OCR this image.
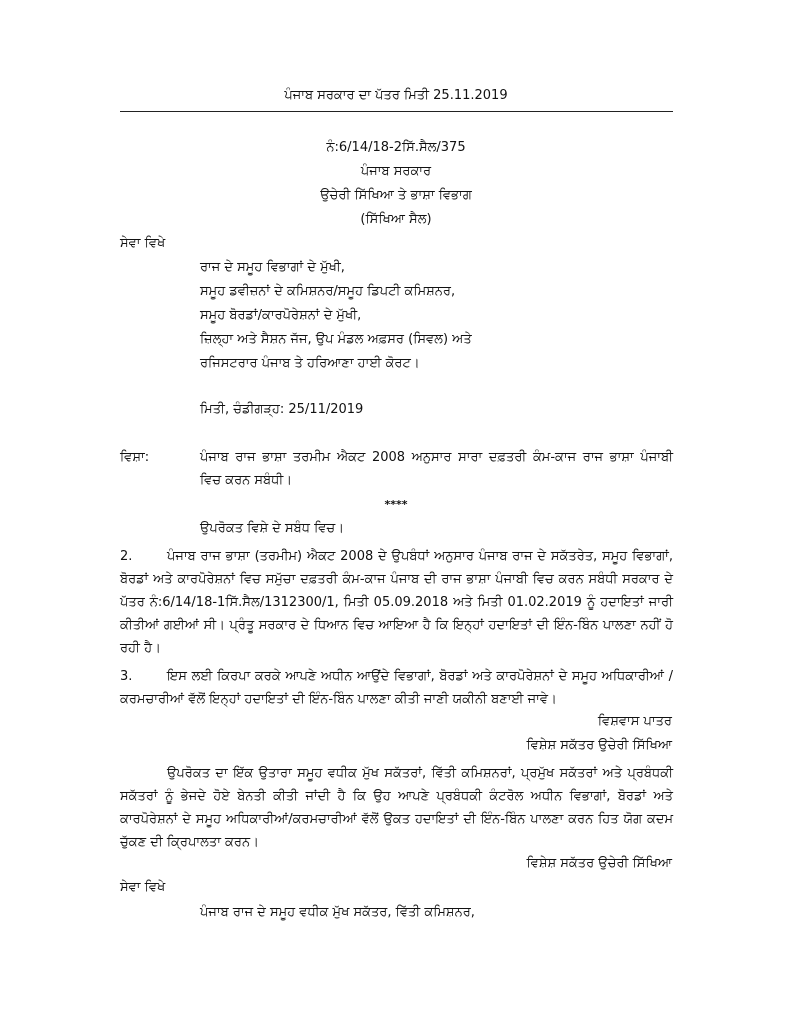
ਪੰਜਾਬ ਸਰਕਾਰ ਦਾ ਪੱਤਰ ਮਿਤੀ 25.11.2019
ਨੰ:6/14/18-2ਸਿੱ.ਸੈਲ/375
ਪੰਜਾਬ ਸਰਕਾਰ
ਉਚੇਰੀ ਸਿੱਖਿਆ ਤੇ ਭਾਸ਼ਾ ਵਿਭਾਗ
(ਸਿੱਖਿਆ ਸੈਲ)
ਸੇਵਾ ਵਿਖੇ
ਰਾਜ ਦੇ ਸਮੂਹ ਵਿਭਾਗਾਂ ਦੇ ਮੁੱਖੀ,
ਸਮੂਹ ਡਵੀਜ਼ਨਾਂ ਦੇ ਕਮਿਸ਼ਨਰ/ਸਮੂਹ ਡਿਪਟੀ ਕਮਿਸ਼ਨਰ,
ਸਮੂਹ ਬੋਰਡਾਂ/ਕਾਰਪੋਰੇਸ਼ਨਾਂ ਦੇ ਮੁੱਖੀ,
ਜ਼ਿਲ੍ਹਾ ਅਤੇ ਸੈਸ਼ਨ ਜੱਜ, ਉਪ ਮੰਡਲ ਅਫ਼ਸਰ (ਸਿਵਲ) ਅਤੇ
ਰਜਿਸਟਰਾਰ ਪੰਜਾਬ ਤੇ ਹਰਿਆਣਾ ਹਾਈ ਕੋਰਟ।
ਮਿਤੀ, ਚੰਡੀਗੜ੍ਹ: 25/11/2019
ਵਿਸ਼ਾ:	ਪੰਜਾਬ ਰਾਜ ਭਾਸ਼ਾ ਤਰਮੀਮ ਐਕਟ 2008 ਅਨੁਸਾਰ ਸਾਰਾ ਦਫ਼ਤਰੀ ਕੰਮ-ਕਾਜ ਰਾਜ ਭਾਸ਼ਾ ਪੰਜਾਬੀ
ਵਿਚ ਕਰਨ ਸਬੰਧੀ।
****
ਉਪਰੋਕਤ ਵਿਸ਼ੇ ਦੇ ਸਬੰਧ ਵਿਚ।
2.	ਪੰਜਾਬ ਰਾਜ ਭਾਸ਼ਾ (ਤਰਮੀਮ) ਐਕਟ 2008 ਦੇ ਉਪਬੰਧਾਂ ਅਨੁਸਾਰ ਪੰਜਾਬ ਰਾਜ ਦੇ ਸਕੱਤਰੇਤ, ਸਮੂਹ ਵਿਭਾਗਾਂ, ਬੋਰਡਾਂ ਅਤੇ ਕਾਰਪੋਰੇਸ਼ਨਾਂ ਵਿਚ ਸਮੁੱਚਾ ਦਫ਼ਤਰੀ ਕੰਮ-ਕਾਜ ਪੰਜਾਬ ਦੀ ਰਾਜ ਭਾਸ਼ਾ ਪੰਜਾਬੀ ਵਿਚ ਕਰਨ ਸਬੰਧੀ ਸਰਕਾਰ ਦੇ ਪੱਤਰ ਨੰ:6/14/18-1ਸਿੱ.ਸੈਲ/1312300/1, ਮਿਤੀ 05.09.2018 ਅਤੇ ਮਿਤੀ 01.02.2019 ਨੂੰ ਹਦਾਇਤਾਂ ਜਾਰੀ ਕੀਤੀਆਂ ਗਈਆਂ ਸੀ। ਪ੍ਰੰਤੂ ਸਰਕਾਰ ਦੇ ਧਿਆਨ ਵਿਚ ਆਇਆ ਹੈ ਕਿ ਇਨ੍ਹਾਂ ਹਦਾਇਤਾਂ ਦੀ ਇੰਨ-ਬਿੰਨ ਪਾਲਣਾ ਨਹੀਂ ਹੋ ਰਹੀ ਹੈ।
3.	ਇਸ ਲਈ ਕਿਰਪਾ ਕਰਕੇ ਆਪਣੇ ਅਧੀਨ ਆਉਂਦੇ ਵਿਭਾਗਾਂ, ਬੋਰਡਾਂ ਅਤੇ ਕਾਰਪੋਰੇਸ਼ਨਾਂ ਦੇ ਸਮੂਹ ਅਧਿਕਾਰੀਆਂ /ਕਰਮਚਾਰੀਆਂ ਵੱਲੋਂ ਇਨ੍ਹਾਂ ਹਦਾਇਤਾਂ ਦੀ ਇੰਨ-ਬਿੰਨ ਪਾਲਣਾ ਕੀਤੀ ਜਾਣੀ ਯਕੀਨੀ ਬਣਾਈ ਜਾਵੇ।
ਵਿਸ਼ਵਾਸ ਪਾਤਰ
ਵਿਸ਼ੇਸ਼ ਸਕੱਤਰ ਉਚੇਰੀ ਸਿੱਖਿਆ
ਉਪਰੋਕਤ ਦਾ ਇੱਕ ਉਤਾਰਾ ਸਮੂਹ ਵਧੀਕ ਮੁੱਖ ਸਕੱਤਰਾਂ, ਵਿੱਤੀ ਕਮਿਸ਼ਨਰਾਂ, ਪ੍ਰਮੁੱਖ ਸਕੱਤਰਾਂ ਅਤੇ ਪ੍ਰਬੰਧਕੀ ਸਕੱਤਰਾਂ ਨੂੰ ਭੇਜਦੇ ਹੋਏ ਬੇਨਤੀ ਕੀਤੀ ਜਾਂਦੀ ਹੈ ਕਿ ਉਹ ਆਪਣੇ ਪ੍ਰਬੰਧਕੀ ਕੰਟਰੋਲ ਅਧੀਨ ਵਿਭਾਗਾਂ, ਬੋਰਡਾਂ ਅਤੇ ਕਾਰਪੋਰੇਸ਼ਨਾਂ ਦੇ ਸਮੂਹ ਅਧਿਕਾਰੀਆਂ/ਕਰਮਚਾਰੀਆਂ ਵੱਲੋਂ ਉਕਤ ਹਦਾਇਤਾਂ ਦੀ ਇੰਨ-ਬਿੰਨ ਪਾਲਣਾ ਕਰਨ ਹਿਤ ਯੋਗ ਕਦਮ ਚੁੱਕਣ ਦੀ ਕ੍ਰਿਪਾਲਤਾ ਕਰਨ।
ਵਿਸ਼ੇਸ਼ ਸਕੱਤਰ ਉਚੇਰੀ ਸਿੱਖਿਆ
ਸੇਵਾ ਵਿਖੇ
ਪੰਜਾਬ ਰਾਜ ਦੇ ਸਮੂਹ ਵਧੀਕ ਮੁੱਖ ਸਕੱਤਰ, ਵਿੱਤੀ ਕਮਿਸ਼ਨਰ,
